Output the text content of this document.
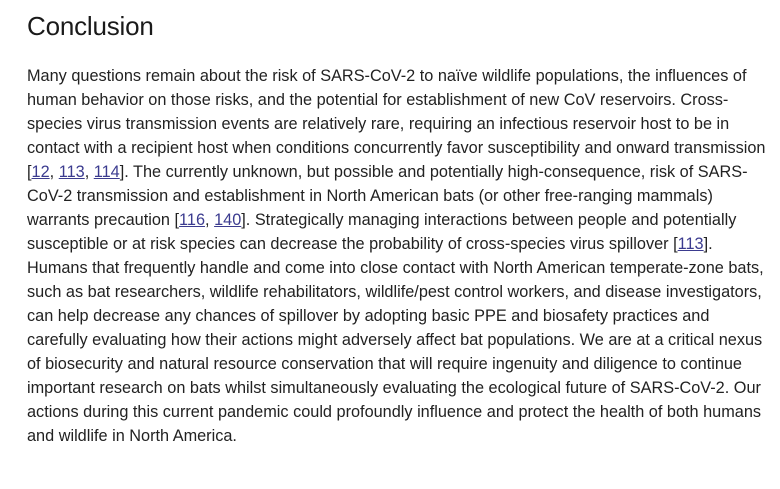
Conclusion

Many questions remain about the risk of SARS-CoV-2 to naïve wildlife populations, the influences of human behavior on those risks, and the potential for establishment of new CoV reservoirs. Cross-species virus transmission events are relatively rare, requiring an infectious reservoir host to be in contact with a recipient host when conditions concurrently favor susceptibility and onward transmission [12, 113, 114]. The currently unknown, but possible and potentially high-consequence, risk of SARS-CoV-2 transmission and establishment in North American bats (or other free-ranging mammals) warrants precaution [116, 140]. Strategically managing interactions between people and potentially susceptible or at risk species can decrease the probability of cross-species virus spillover [113]. Humans that frequently handle and come into close contact with North American temperate-zone bats, such as bat researchers, wildlife rehabilitators, wildlife/pest control workers, and disease investigators, can help decrease any chances of spillover by adopting basic PPE and biosafety practices and carefully evaluating how their actions might adversely affect bat populations. We are at a critical nexus of biosecurity and natural resource conservation that will require ingenuity and diligence to continue important research on bats whilst simultaneously evaluating the ecological future of SARS-CoV-2. Our actions during this current pandemic could profoundly influence and protect the health of both humans and wildlife in North America.
